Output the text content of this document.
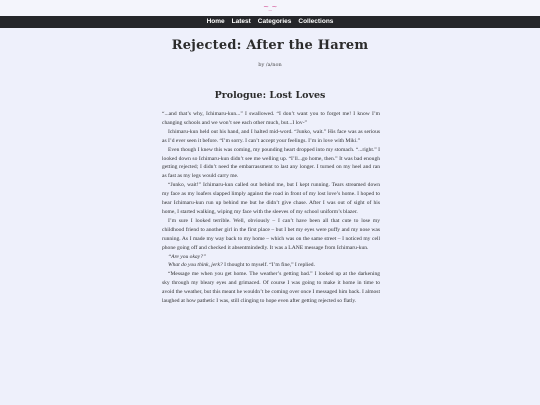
~_~
Home Latest Categories Collections
Rejected: After the Harem
by /a/non
Prologue: Lost Loves

“...and that’s why, Ichimaru-kun...” I swallowed. “I don’t want you to forget me! I know I’m changing schools and we won’t see each other much, but...I lov-”

Ichimaru-kun held out his hand, and I halted mid-word. “Junko, wait.” His face was as serious as I’d ever seen it before. “I’m sorry. I can’t accept your feelings. I’m in love with Miki.”

Even though I knew this was coming, my pounding heart dropped into my stomach. “...right.” I looked down so Ichimaru-kun didn’t see me welling up. “I’ll...go home, then.” It was bad enough getting rejected; I didn’t need the embarrassment to last any longer. I turned on my heel and ran as fast as my legs would carry me.

“Junko, wait!” Ichimaru-kun called out behind me, but I kept running. Tears streamed down my face as my loafers slapped limply against the road in front of my lost love’s home. I hoped to hear Ichimaru-kun run up behind me but he didn’t give chase. After I was out of sight of his home, I started walking, wiping my face with the sleeves of my school uniform’s blazer.

I’m sure I looked terrible. Well, obviously – I can’t have been all that cute to lose my childhood friend to another girl in the first place – but I bet my eyes were puffy and my nose was running. As I made my way back to my home – which was on the same street – I noticed my cell phone going off and checked it absentmindedly. It was a LANE message from Ichimaru-kun.

“Are you okay?”

What do you think, jerk? I thought to myself. “I’m fine,” I replied.

“Message me when you get home. The weather’s getting bad.” I looked up at the darkening sky through my bleary eyes and grimaced. Of course I was going to make it home in time to avoid the weather, but this meant he wouldn’t be coming over once I messaged him back. I almost laughed at how pathetic I was, still clinging to hope even after getting rejected so flatly.
